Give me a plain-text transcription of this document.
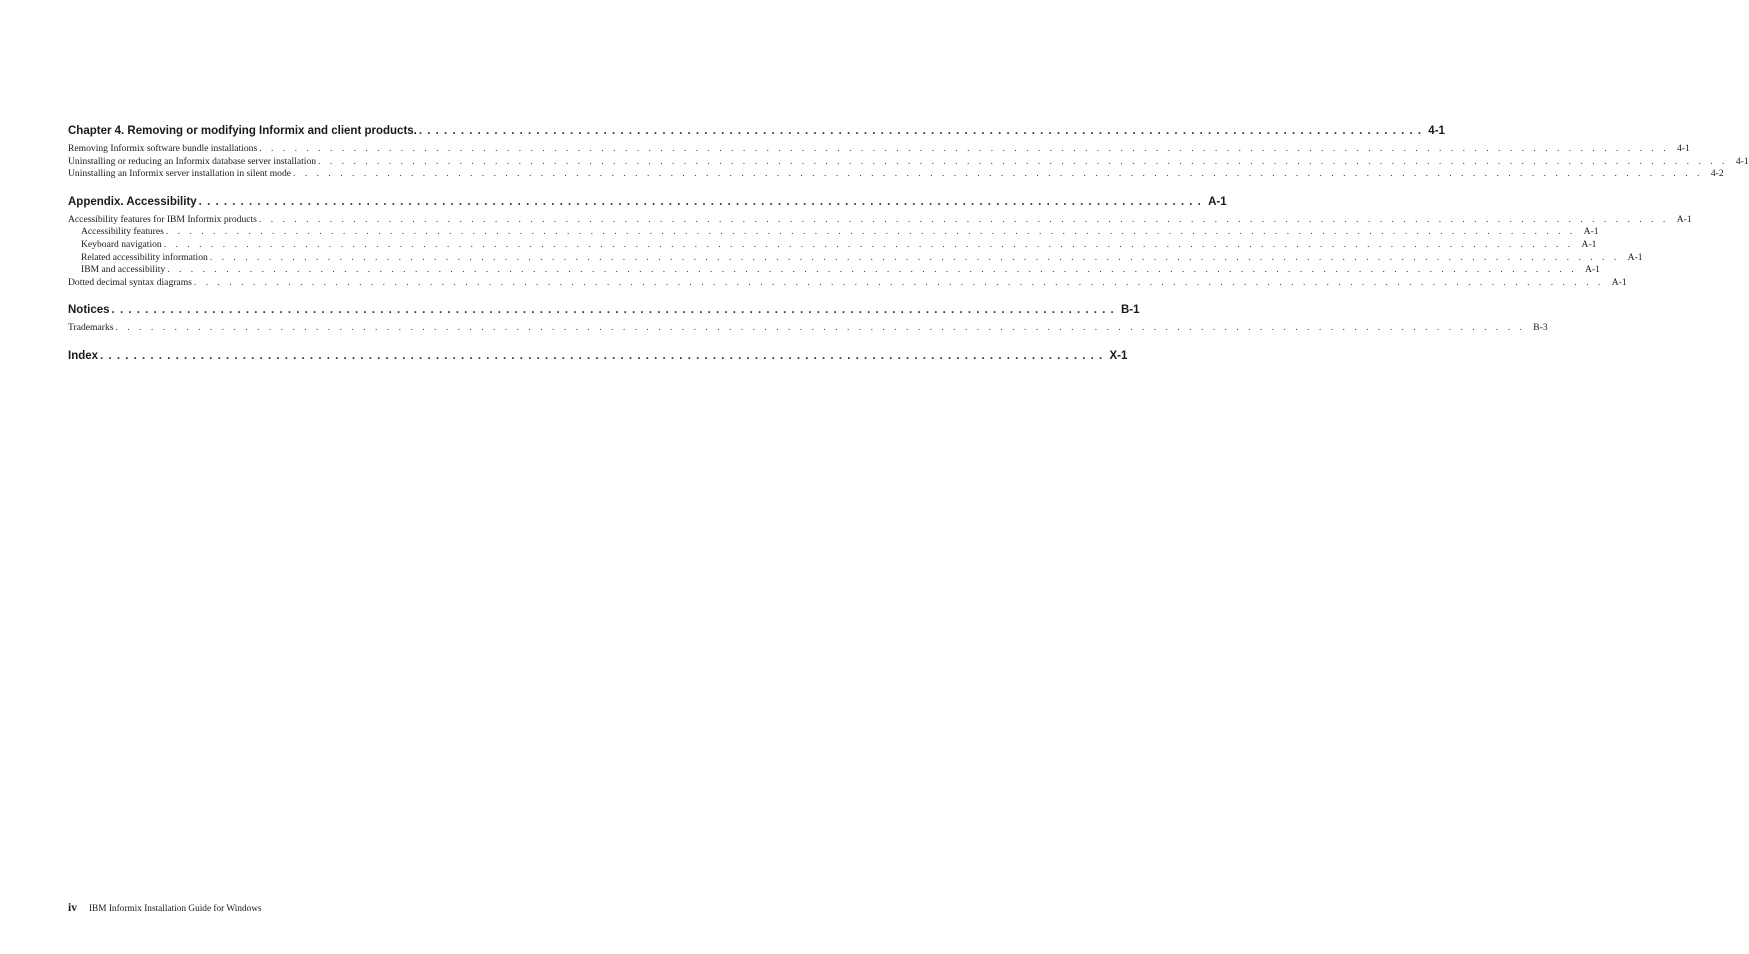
Chapter 4. Removing or modifying Informix and client products. ........................................................................................................................ 4-1
Removing Informix software bundle installations ........................................................................................................................ 4-1
Uninstalling or reducing an Informix database server installation ........................................................................................................................ 4-1
Uninstalling an Informix server installation in silent mode ........................................................................................................................ 4-2
Appendix. Accessibility ........................................................................................................................ A-1
Accessibility features for IBM Informix products ........................................................................................................................ A-1
Accessibility features ........................................................................................................................ A-1
Keyboard navigation ........................................................................................................................ A-1
Related accessibility information ........................................................................................................................ A-1
IBM and accessibility ........................................................................................................................ A-1
Dotted decimal syntax diagrams ........................................................................................................................ A-1
Notices ........................................................................................................................ B-1
Trademarks ........................................................................................................................ B-3
Index ........................................................................................................................ X-1
iv IBM Informix Installation Guide for Windows
